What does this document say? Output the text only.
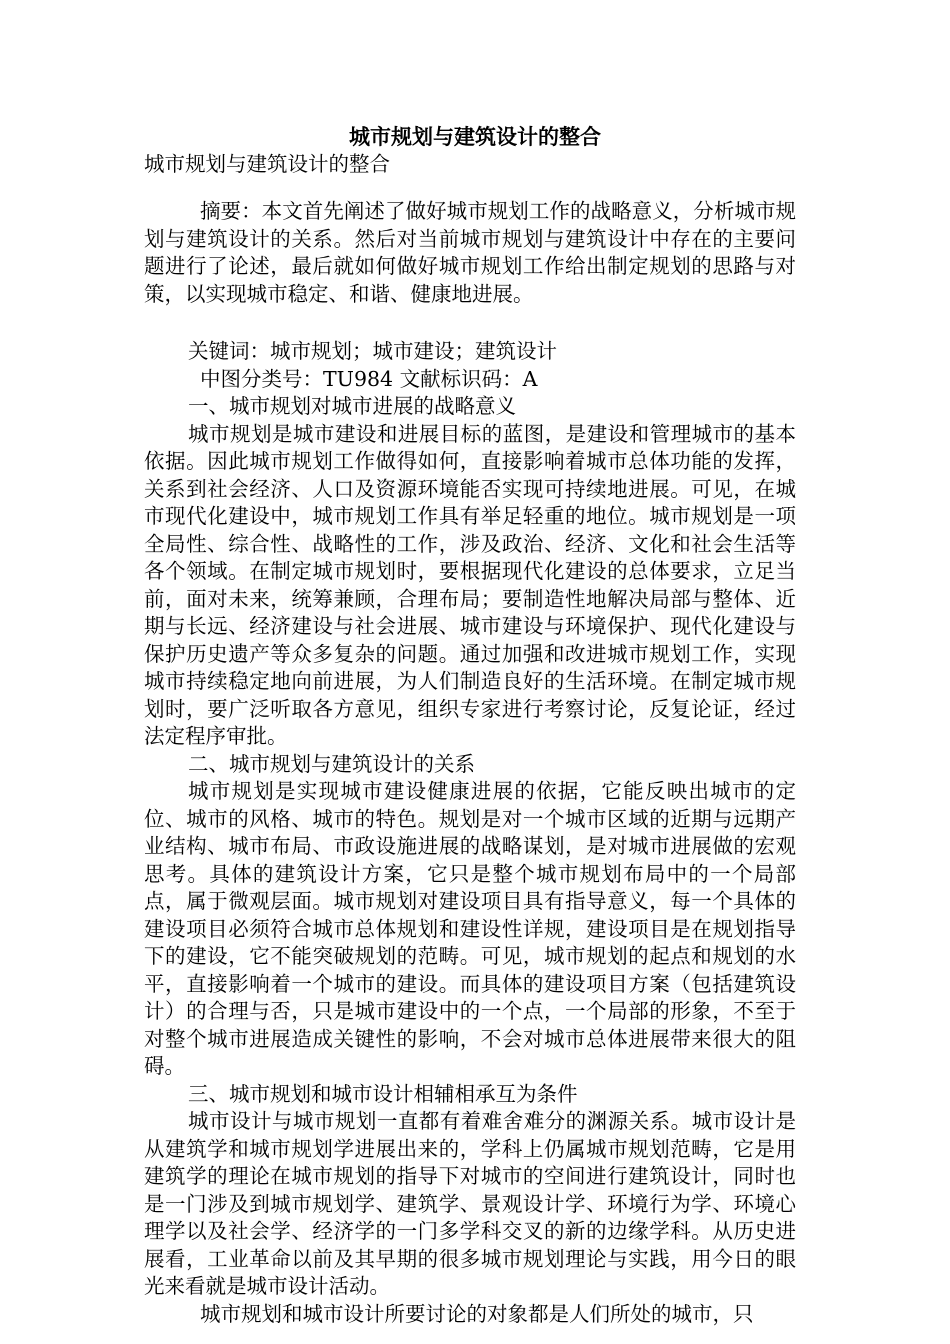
城市规划与建筑设计的整合
城市规划与建筑设计的整合

摘要：本文首先阐述了做好城市规划工作的战略意义，分析城市规划与建筑设计的关系。然后对当前城市规划与建筑设计中存在的主要问题进行了论述，最后就如何做好城市规划工作给出制定规划的思路与对策，以实现城市稳定、和谐、健康地进展。

关键词：城市规划；城市建设；建筑设计

中图分类号：TU984 文献标识码：A

一、城市规划对城市进展的战略意义

城市规划是城市建设和进展目标的蓝图，是建设和管理城市的基本依据。因此城市规划工作做得如何，直接影响着城市总体功能的发挥，关系到社会经济、人口及资源环境能否实现可持续地进展。可见，在城市现代化建设中，城市规划工作具有举足轻重的地位。城市规划是一项全局性、综合性、战略性的工作，涉及政治、经济、文化和社会生活等各个领域。在制定城市规划时，要根据现代化建设的总体要求，立足当前，面对未来，统筹兼顾，合理布局；要制造性地解决局部与整体、近期与长远、经济建设与社会进展、城市建设与环境保护、现代化建设与保护历史遗产等众多复杂的问题。通过加强和改进城市规划工作，实现城市持续稳定地向前进展，为人们制造良好的生活环境。在制定城市规划时，要广泛听取各方意见，组织专家进行考察讨论，反复论证，经过法定程序审批。

二、城市规划与建筑设计的关系

城市规划是实现城市建设健康进展的依据，它能反映出城市的定位、城市的风格、城市的特色。规划是对一个城市区域的近期与远期产业结构、城市布局、市政设施进展的战略谋划，是对城市进展做的宏观思考。具体的建筑设计方案，它只是整个城市规划布局中的一个局部点，属于微观层面。城市规划对建设项目具有指导意义，每一个具体的建设项目必须符合城市总体规划和建设性详规，建设项目是在规划指导下的建设，它不能突破规划的范畴。可见，城市规划的起点和规划的水平，直接影响着一个城市的建设。而具体的建设项目方案（包括建筑设计）的合理与否，只是城市建设中的一个点，一个局部的形象，不至于对整个城市进展造成关键性的影响，不会对城市总体进展带来很大的阻碍。

三、城市规划和城市设计相辅相承互为条件

城市设计与城市规划一直都有着难舍难分的渊源关系。城市设计是从建筑学和城市规划学进展出来的，学科上仍属城市规划范畴，它是用建筑学的理论在城市规划的指导下对城市的空间进行建筑设计，同时也是一门涉及到城市规划学、建筑学、景观设计学、环境行为学、环境心理学以及社会学、经济学的一门多学科交叉的新的边缘学科。从历史进展看，工业革命以前及其早期的很多城市规划理论与实践，用今日的眼光来看就是城市设计活动。

城市规划和城市设计所要讨论的对象都是人们所处的城市，只
